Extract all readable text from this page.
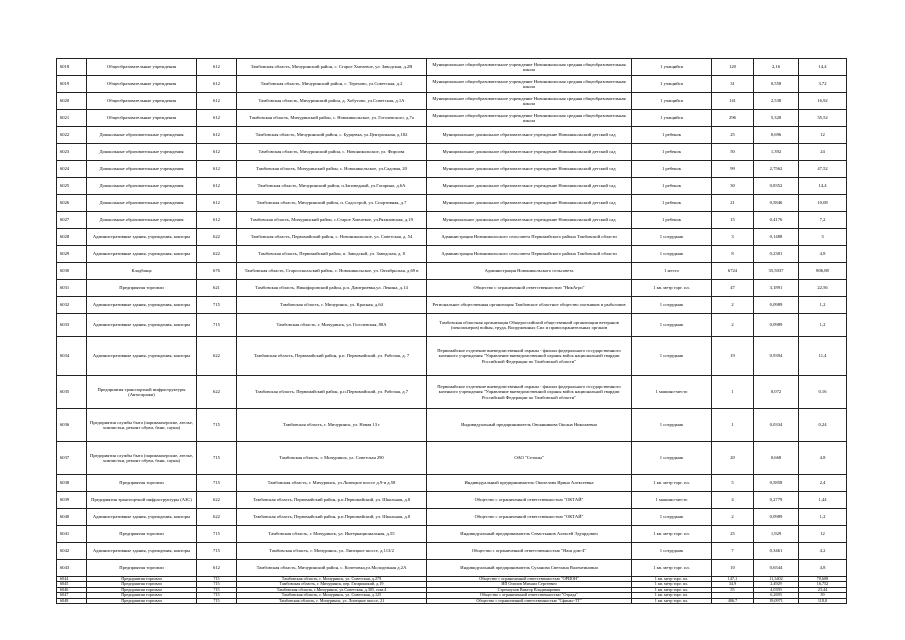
6018	Общеобразовательные учреждения	612	Тамбовская область, Мичуринский район, с. Старое Хмелевое, ул. Заводская, д.2В	Муниципальное общеобразовательное учреждение Новоникольская средняя общеобразовательная школа	1 учащийся	120	2,16	14,4
6019	Общеобразовательные учреждения	612	Тамбовская область, Мичуринский район, с. Терехово, ул.Советская, д.2	Муниципальное общеобразовательное учреждение Новоникольская средняя общеобразовательная школа	1 учащийся	31	0,558	3,72
6020	Общеобразовательные учреждения	612	Тамбовская область, Мичуринский район, д. Хобутово, ул.Советская, д.1А	Муниципальное общеобразовательное учреждение Новоникольская средняя общеобразовательная школа	1 учащийся	141	2,538	16,92
6021	Общеобразовательные учреждения	612	Тамбовская область, Мичуринский район, с. Новоникольское, ул. Гоголевского, д.7а	Муниципальное общеобразовательное учреждение Новоникольская средняя общеобразовательная школа	1 учащийся	296	5,328	35,52
6022	Дошкольные образовательные учреждения	612	Тамбовская область, Мичуринский район, с. Бурцевка, ул.Центральная, д.182	Муниципальное дошкольное образовательное учреждение Новоникольский детский сад	1 ребенок	25	0,696	12
6023	Дошкольные образовательные учреждения	612	Тамбовская область, Мичуринский район, с. Новоникольское, ул. Фирсова	Муниципальное дошкольное образовательное учреждение Новоникольский детский сад	1 ребенок	50	1,392	24
6024	Дошкольные образовательные учреждения	612	Тамбовская область, Мичуринский район, с. Новоникольское, ул.Садовая, 20	Муниципальное дошкольное образовательное учреждение Новоникольский детский сад	1 ребенок	99	2,7562	47,52
6025	Дошкольные образовательные учреждения	612	Тамбовская область, Мичуринский район, п.Заповедный, ул.Гагарина, д.6А	Муниципальное дошкольное образовательное учреждение Новоникольский детский сад	1 ребенок	30	0,8352	14,4
6026	Дошкольные образовательные учреждения	612	Тамбовская область, Мичуринский район, п. Садострой, ул. Спортивная, д.7	Муниципальное дошкольное образовательное учреждение Новоникольский детский сад	1 ребенок	21	0,5846	10,08
6027	Дошкольные образовательные учреждения	612	Тамбовская область, Мичуринский район, с.Старое Хмелевое, ул.Рязановская, д.19	Муниципальное дошкольное образовательное учреждение Новоникольский детский сад	1 ребенок	15	0,4176	7,2
6028	Административные здания, учреждения, конторы	622	Тамбовская область, Первомайский район, с. Новоникольское, ул. Советская, д. 54	Администрация Новоникольского сельсовета Первомайского района Тамбовской области	1 сотрудник	3	0,1488	3
6029	Административные здания, учреждения, конторы	622	Тамбовская область, Первомайский район, п. Заводской, ул. Заводская, д. 8	Администрация Новоникольского сельсовета Первомайского района Тамбовской области	1 сотрудник	8	0,2381	4,8
6030	Кладбища	676	Тамбовская область, Старооскольский район, с. Новоникольское, ул. Октябрьская, д.69 в	Администрация Новоникольского сельсовета	1 место	6724	35,5037	806,88
6031	Предприятия торговли	621	Тамбовская область, Никифоровский район, р.п. Дмитриевка,ул. Ленина, д.14	Общество с ограниченной ответственностью "НикАгро"	1 кв. метр торг. пл.	47	3,1891	22,56
6032	Административные здания, учреждения, конторы	715	Тамбовская область, г. Мичуринск, ул. Красная, д.64	Региональное общественная организация Тамбовское областное общество охотников и рыболовов	1 сотрудник	2	0,0989	1,2
6033	Административные здания, учреждения, конторы	715	Тамбовская область, г. Мичуринск, ул. Гоголевская, 88А	Тамбовская областная организация Общероссийской общественной организации ветеранов (пенсионеров) войны, труда, Вооруженных Сил и правоохранительных органов	1 сотрудник	2	0,0989	1,2
6034	Административные здания, учреждения, конторы	622	Тамбовская область, Первомайский район, р.п. Первомайский, ул. Рабочая, д. 7	Первомайское отделение вневедомственной охраны - филиал федерального государственного казенного учреждения "Управление вневедомственной охраны войск национальной гвардии Российской Федерации по Тамбовской области"	1 сотрудник	19	0,9394	11,4
6035	Предприятия транспортной инфраструктуры (Автогаражи)	622	Тамбовская область, Первомайский район, р.п.Первомайский, ул. Рабочая, д.7	Первомайское отделение вневедомственной охраны - филиал федерального государственного казенного учреждения "Управление вневедомственной охраны войск национальной гвардии Российской Федерации по Тамбовской области"	1 машино-место	1	0,072	0,16
6036	Предприятия службы быта (парикмахерские, ателье, химчистки, ремонт обуви, бани, сауны)	715	Тамбовская область, г. Мичуринск, ул. Новая 13 г	Индивидуальный предприниматель Овсянникова Оксана Николаевна	1 сотрудник	1	0,0334	0,24
6037	Предприятия службы быта (парикмахерские, ателье, химчистки, ремонт обуви, бани, сауны)	715	Тамбовская область, г. Мичуринск, ул. Советская 290	ОАО "Сезоны"	1 сотрудник	20	0,668	4,8
6038	Предприятия торговли	715	Тамбовская область, г. Мичуринск, ул.Липецкое шоссе д.9-и д.58	Индивидуальный предприниматель Околелова Ирина Алексеевна	1 кв. метр торг. пл.	5	0,5858	2,4
6039	Предприятия транспортной инфраструктуры (АЗС)	622	Тамбовская область, Первомайский район, р.п.Первомайский, ул. Школьная, д.8	Общество с ограниченной ответственностью "ОКТАЙ"	1 машино-место	4	0,2779	1,44
6040	Административные здания, учреждения, конторы	622	Тамбовская область, Первомайский район, р.п.Первомайский, ул. Школьная, д.8	Общество с ограниченной ответственностью "ОКТАЙ"	1 сотрудник	2	0,0989	1,2
6041	Предприятия торговли	715	Тамбовская область, г. Мичуринск, ул. Интернациональная, д.55	Индивидуальный предприниматель Севастьянов Алексей Эдуардович	1 кв. метр торг. пл.	25	1,929	12
6042	Административные здания, учреждения, конторы	715	Тамбовская область, г. Мичуринск, ул. Липецкое шоссе, д.113/2	Общество с ограниченной ответственностью "Наш дом-4"	1 сотрудник	7	0,3461	4,2
6043	Предприятия торговли	612	Тамбовская область, Мичуринский район, с. Кочетовка,ул.Молодежная д.2А	Индивидуальный предприниматель Суханова Светлана Валентиновна	1 кв. метр торг. пл.	10	0,6544	4,8
6044	Предприятия торговли	715	Тамбовская область, г. Мичуринск, ул. Советская, д.279	Общество с ограниченной ответственностью "ОРИОН"	1 кв. метр торг. пл.	147,1	11,3402	70,608
6045	Предприятия торговли	715	Тамбовская область, г. Мичуринск, пер. Гагаринский, д.19	ИП Осипов Михаил Сергеевич	1 кв. метр торг. пл.	34,9	2,4929	16,752
6046	Предприятия торговли	715	Тамбовская область, г.Мичуринск, ул.Советская, д.305, пом.4	Стремоухов Виктор Владимирович	1 кв. метр торг. пл.	55	4,0393	23,44
6047	Предприятия торговли	715	Тамбовская область, г. Мичуринск, ул. Советская, д.125	Общество с ограниченной ответственностью "Отрада"	1 кв. метр торг. пл.		6,2693	39
6048	Предприятия торговли	715	Тамбовская область, г. Мичуринск, ул. Липецкое шоссе, 21	Общество с ограниченной ответственностью "Сфинкс-ТТ"	1 кв. метр торг. пл.	406,7	19,0971	118,8
